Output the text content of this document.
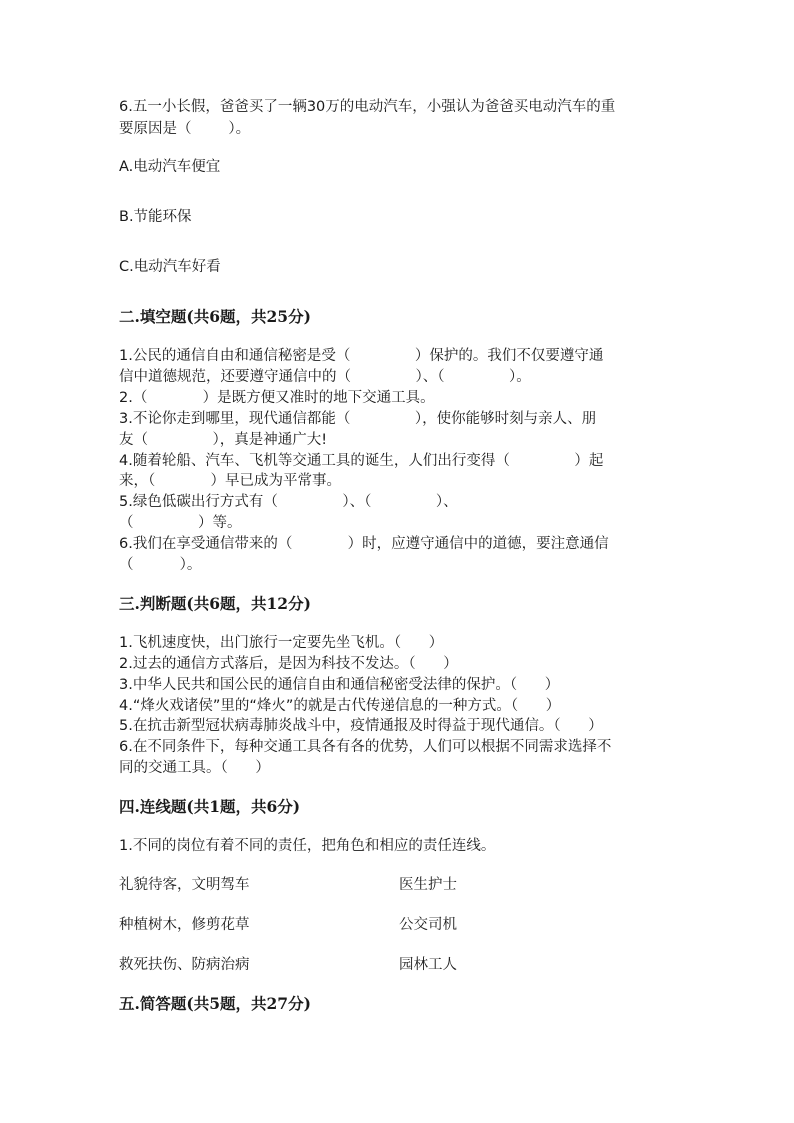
6.五一小长假，爸爸买了一辆30万的电动汽车，小强认为爸爸买电动汽车的重
要原因是（        ）。
A.电动汽车便宜
B.节能环保
C.电动汽车好看
二.填空题(共6题，共25分)
1.公民的通信自由和通信秘密是受（              ）保护的。我们不仅要遵守通
信中道德规范，还要遵守通信中的（              ）、（              ）。
2.（            ）是既方便又准时的地下交通工具。
3.不论你走到哪里，现代通信都能（              ），使你能够时刻与亲人、朋
友（              ），真是神通广大!
4.随着轮船、汽车、飞机等交通工具的诞生，人们出行变得（              ）起
来，（            ）早已成为平常事。
5.绿色低碳出行方式有（              ）、（              ）、
（              ）等。
6.我们在享受通信带来的（            ）时，应遵守通信中的道德，要注意通信
（          ）。
三.判断题(共6题，共12分)
1.飞机速度快，出门旅行一定要先坐飞机。（      ）
2.过去的通信方式落后，是因为科技不发达。（      ）
3.中华人民共和国公民的通信自由和通信秘密受法律的保护。（      ）
4.“烽火戏诸侯”里的“烽火”的就是古代传递信息的一种方式。（      ）
5.在抗击新型冠状病毒肺炎战斗中，疫情通报及时得益于现代通信。（      ）
6.在不同条件下，每种交通工具各有各的优势，人们可以根据不同需求选择不
同的交通工具。（      ）
四.连线题(共1题，共6分)
1.不同的岗位有着不同的责任，把角色和相应的责任连线。
礼貌待客，文明驾车	医生护士
种植树木，修剪花草	公交司机
救死扶伤、防病治病	园林工人
五.简答题(共5题，共27分)
